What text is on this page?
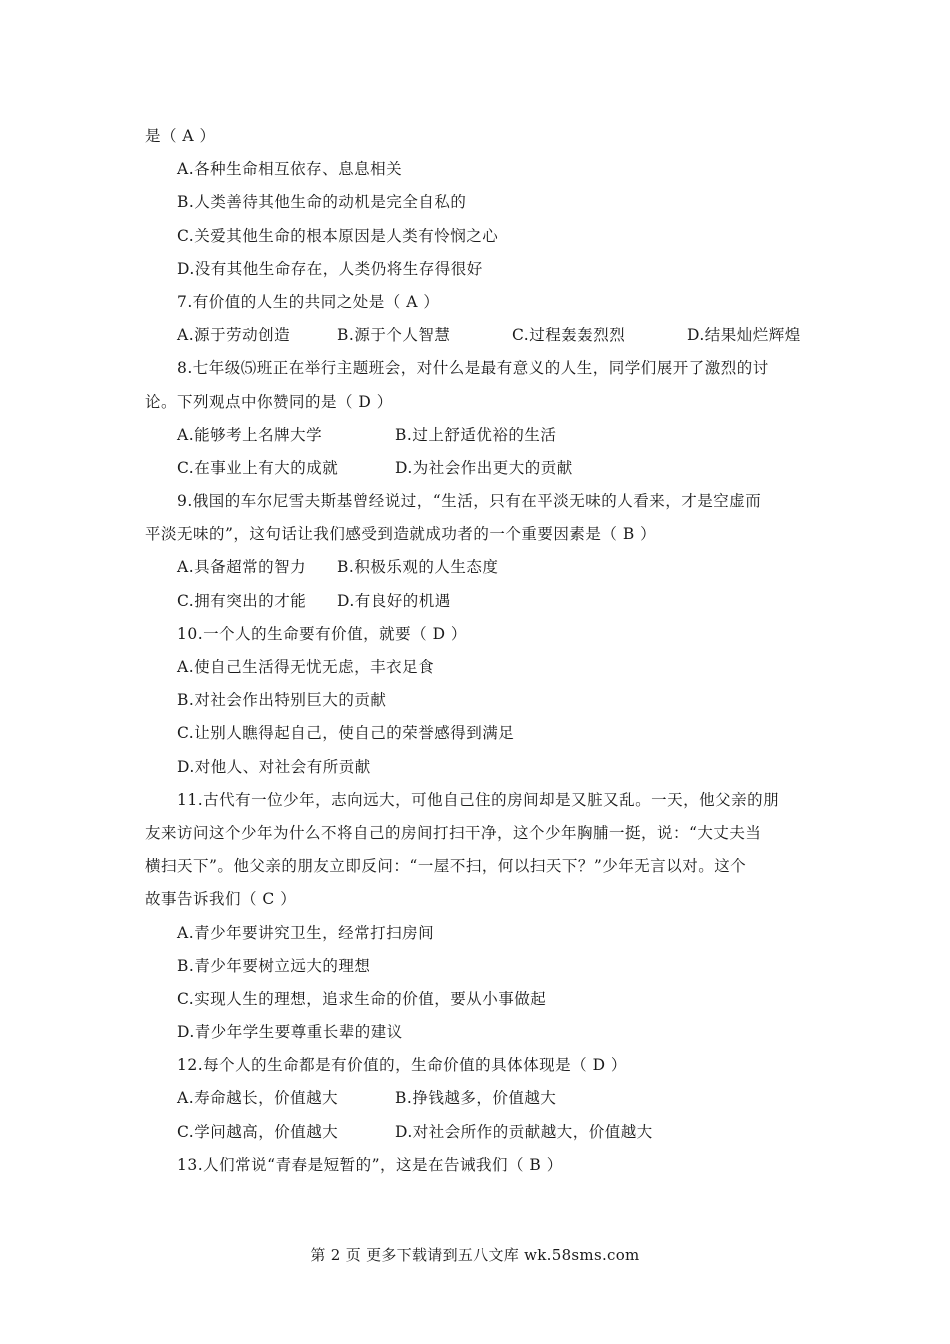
是（ A ）
A.各种生命相互依存、息息相关
B.人类善待其他生命的动机是完全自私的
C.关爱其他生命的根本原因是人类有怜悯之心
D.没有其他生命存在，人类仍将生存得很好
7.有价值的人生的共同之处是（ A ）
A.源于劳动创造	B.源于个人智慧	C.过程轰轰烈烈	D.结果灿烂辉煌
8.七年级⑸班正在举行主题班会，对什么是最有意义的人生，同学们展开了激烈的讨
论。下列观点中你赞同的是（ D ）
A.能够考上名牌大学	B.过上舒适优裕的生活
C.在事业上有大的成就	D.为社会作出更大的贡献
9.俄国的车尔尼雪夫斯基曾经说过，“生活，只有在平淡无味的人看来，才是空虚而
平淡无味的”，这句话让我们感受到造就成功者的一个重要因素是（ B ）
A.具备超常的智力	B.积极乐观的人生态度
C.拥有突出的才能	D.有良好的机遇
10.一个人的生命要有价值，就要（ D ）
A.使自己生活得无忧无虑，丰衣足食
B.对社会作出特别巨大的贡献
C.让别人瞧得起自己，使自己的荣誉感得到满足
D.对他人、对社会有所贡献
11.古代有一位少年，志向远大，可他自己住的房间却是又脏又乱。一天，他父亲的朋
友来访问这个少年为什么不将自己的房间打扫干净，这个少年胸脯一挺，说：“大丈夫当
横扫天下”。他父亲的朋友立即反问：“一屋不扫，何以扫天下？”少年无言以对。这个
故事告诉我们（ C ）
A.青少年要讲究卫生，经常打扫房间
B.青少年要树立远大的理想
C.实现人生的理想，追求生命的价值，要从小事做起
D.青少年学生要尊重长辈的建议
12.每个人的生命都是有价值的，生命价值的具体体现是（ D ）
A.寿命越长，价值越大	B.挣钱越多，价值越大
C.学问越高，价值越大	D.对社会所作的贡献越大，价值越大
13.人们常说“青春是短暂的”，这是在告诫我们（ B ）
第 2 页 更多下载请到五八文库 wk.58sms.com
